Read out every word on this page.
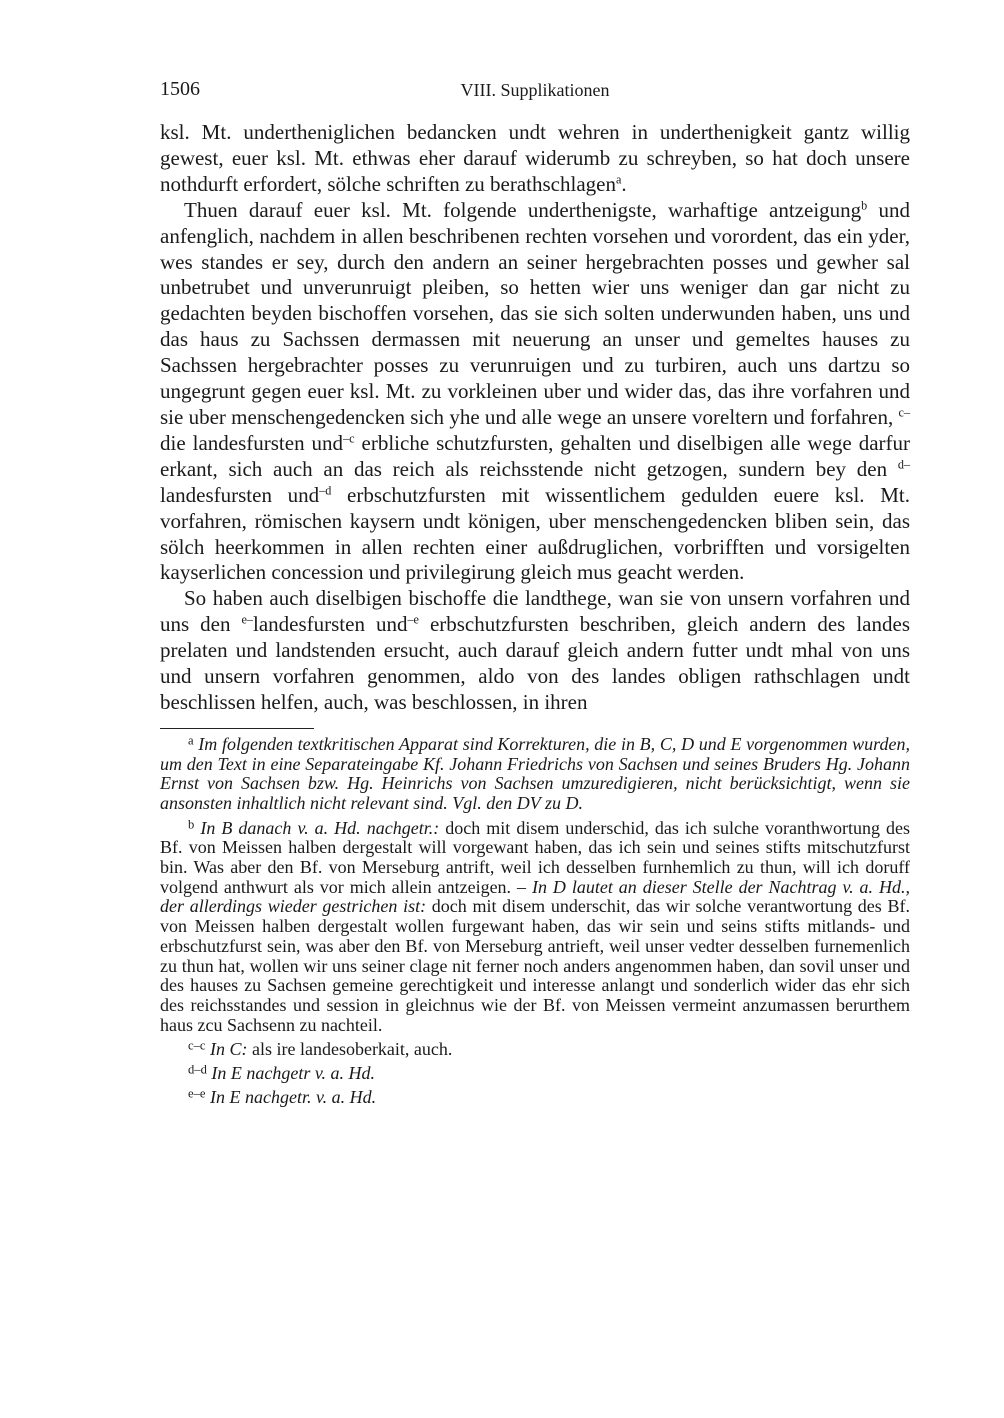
1506	VIII. Supplikationen

ksl. Mt. undertheniglichen bedancken undt wehren in underthenigkeit gantz willig gewest, euer ksl. Mt. ethwas eher darauf widerumb zu schreyben, so hat doch unsere nothdurft erfordert, sölche schriften zu berathschlagen$^a$.

Thuen darauf euer ksl. Mt. folgende underthenigste, warhaftige antzeigung$^b$ und anfenglich, nachdem in allen beschribenen rechten vorsehen und vorordent, das ein yder, wes standes er sey, durch den andern an seiner hergebrachten posses und gewher sal unbetrubet und unverunruigt pleiben, so hetten wier uns weniger dan gar nicht zu gedachten beyden bischoffen vorsehen, das sie sich solten underwunden haben, uns und das haus zu Sachssen dermassen mit neuerung an unser und gemeltes hauses zu Sachssen hergebrachter posses zu verunruigen und zu turbiren, auch uns dartzu so ungegrunt gegen euer ksl. Mt. zu vorkleinen uber und wider das, das ihre vorfahren und sie uber menschengedencken sich yhe und alle wege an unsere voreltern und forfahren, $^{c-}$die landesfursten und$^{-c}$ erbliche schutzfursten, gehalten und diselbigen alle wege darfur erkant, sich auch an das reich als reichsstende nicht getzogen, sundern bey den $^{d-}$landesfursten und$^{-d}$ erbschutzfursten mit wissentlichem gedulden euere ksl. Mt. vorfahren, römischen kaysern undt königen, uber menschengedencken bliben sein, das sölch heerkommen in allen rechten einer außdruglichen, vorbrifften und vorsigelten kayserlichen concession und privilegirung gleich mus geacht werden.

So haben auch diselbigen bischoffe die landthege, wan sie von unsern vorfahren und uns den $^{e-}$landesfursten und$^{-e}$ erbschutzfursten beschriben, gleich andern des landes prelaten und landstenden ersucht, auch darauf gleich andern futter undt mhal von uns und unsern vorfahren genommen, aldo von des landes obligen rathschlagen undt beschlissen helfen, auch, was beschlossen, in ihren

$^a$ Im folgenden textkritischen Apparat sind Korrekturen, die in B, C, D und E vorgenommen wurden, um den Text in eine Separateingabe Kf. Johann Friedrichs von Sachsen und seines Bruders Hg. Johann Ernst von Sachsen bzw. Hg. Heinrichs von Sachsen umzuredigieren, nicht berücksichtigt, wenn sie ansonsten inhaltlich nicht relevant sind. Vgl. den DV zu D.

$^b$ In B danach v. a. Hd. nachgetr.: doch mit disem underschid, das ich sulche voranthwortung des Bf. von Meissen halben dergestalt will vorgewant haben, das ich sein und seines stifts mitschutzfurst bin. Was aber den Bf. von Merseburg antrift, weil ich desselben furnhemlich zu thun, will ich doruff volgend anthwurt als vor mich allein antzeigen. – In D lautet an dieser Stelle der Nachtrag v. a. Hd., der allerdings wieder gestrichen ist: doch mit disem underschit, das wir solche verantwortung des Bf. von Meissen halben dergestalt wollen furgewant haben, das wir sein und seins stifts mitlands- und erbschutzfurst sein, was aber den Bf. von Merseburg antrieft, weil unser vedter desselben furnemenlich zu thun hat, wollen wir uns seiner clage nit ferner noch anders angenommen haben, dan sovil unser und des hauses zu Sachsen gemeine gerechtigkeit und interesse anlangt und sonderlich wider das ehr sich des reichsstandes und session in gleichnus wie der Bf. von Meissen vermeint anzumassen berurthem haus zcu Sachsenn zu nachteil.

$^{c-c}$ In C: als ire landesoberkait, auch.

$^{d-d}$ In E nachgetr v. a. Hd.

$^{e-e}$ In E nachgetr. v. a. Hd.
